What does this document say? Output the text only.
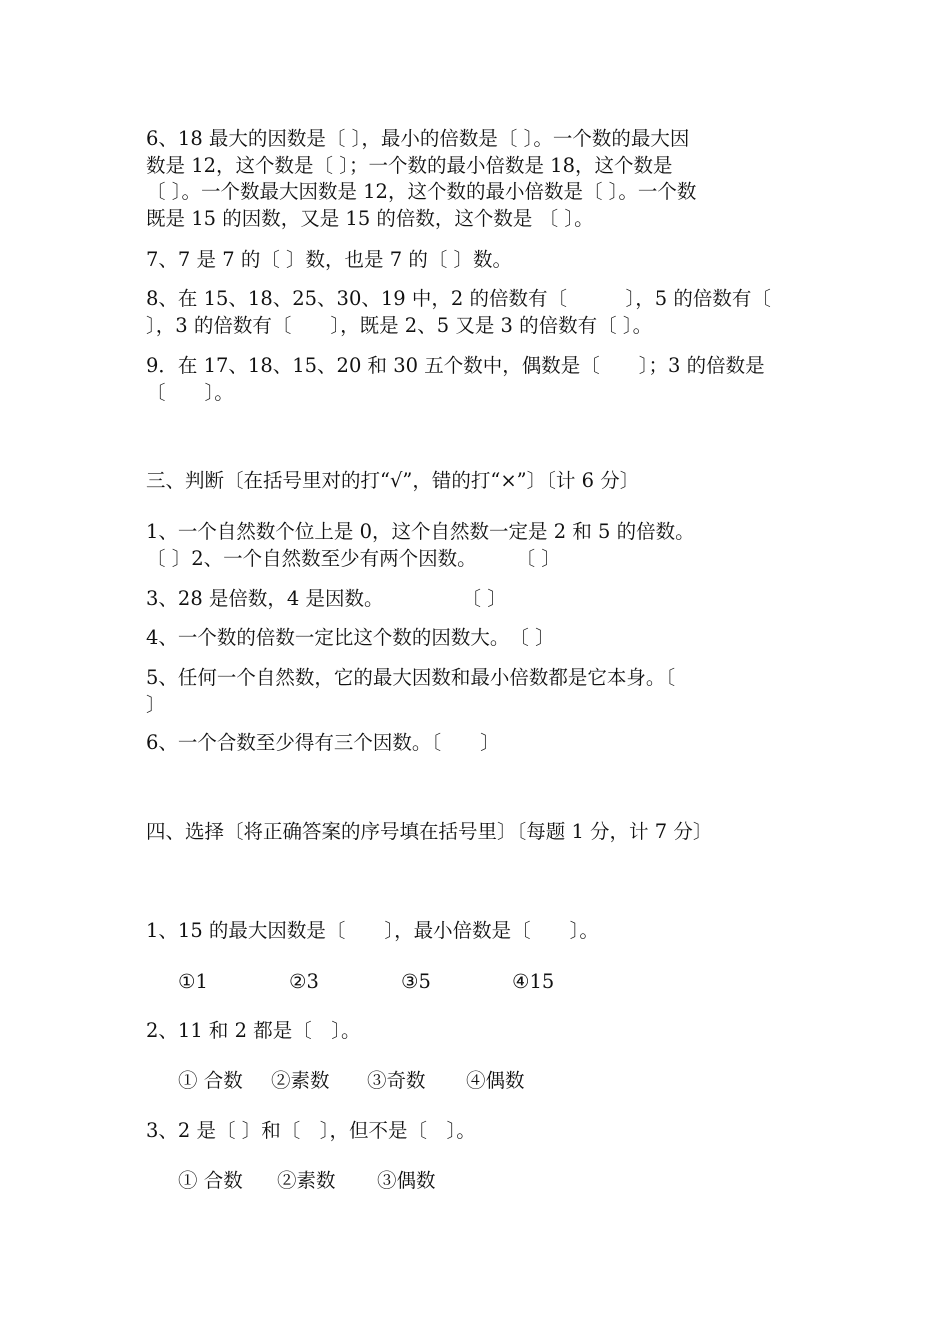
6、18 最大的因数是〔 〕，最小的倍数是〔 〕。一个数的最大因
数是 12，这个数是〔 〕；一个数的最小倍数是 18，这个数是
〔 〕。一个数最大因数是 12，这个数的最小倍数是〔 〕。一个数
既是 15 的因数，又是 15 的倍数，这个数是 〔 〕。
7、7 是 7 的〔 〕数，也是 7 的〔 〕数。
8、在 15、18、25、30、19 中，2 的倍数有〔　　　〕，5 的倍数有〔
〕，3 的倍数有〔　　〕，既是 2、5 又是 3 的倍数有〔 〕。
9．在 17、18、15、20 和 30 五个数中，偶数是〔　　〕；3 的倍数是
〔　　〕。
三、判断〔在括号里对的打“√”，错的打“×”〕〔计 6 分〕
1、一个自然数个位上是 0，这个自然数一定是 2 和 5 的倍数。
〔 〕2、一个自然数至少有两个因数。　　　〔 〕
3、28 是倍数，4 是因数。　　　　　〔 〕
4、一个数的倍数一定比这个数的因数大。　〔 〕
5、任何一个自然数，它的最大因数和最小倍数都是它本身。〔
〕
6、一个合数至少得有三个因数。〔　　〕
四、选择〔将正确答案的序号填在括号里〕〔每题 1 分，计 7 分〕
1、15 的最大因数是〔　　〕，最小倍数是〔　　〕。
①1	②3	③5	④15
2、11 和 2 都是〔　〕。
① 合数 ②素数 ③奇数 ④偶数
3、2 是〔 〕和〔　〕，但不是〔　〕。
① 合数 ②素数 ③偶数
